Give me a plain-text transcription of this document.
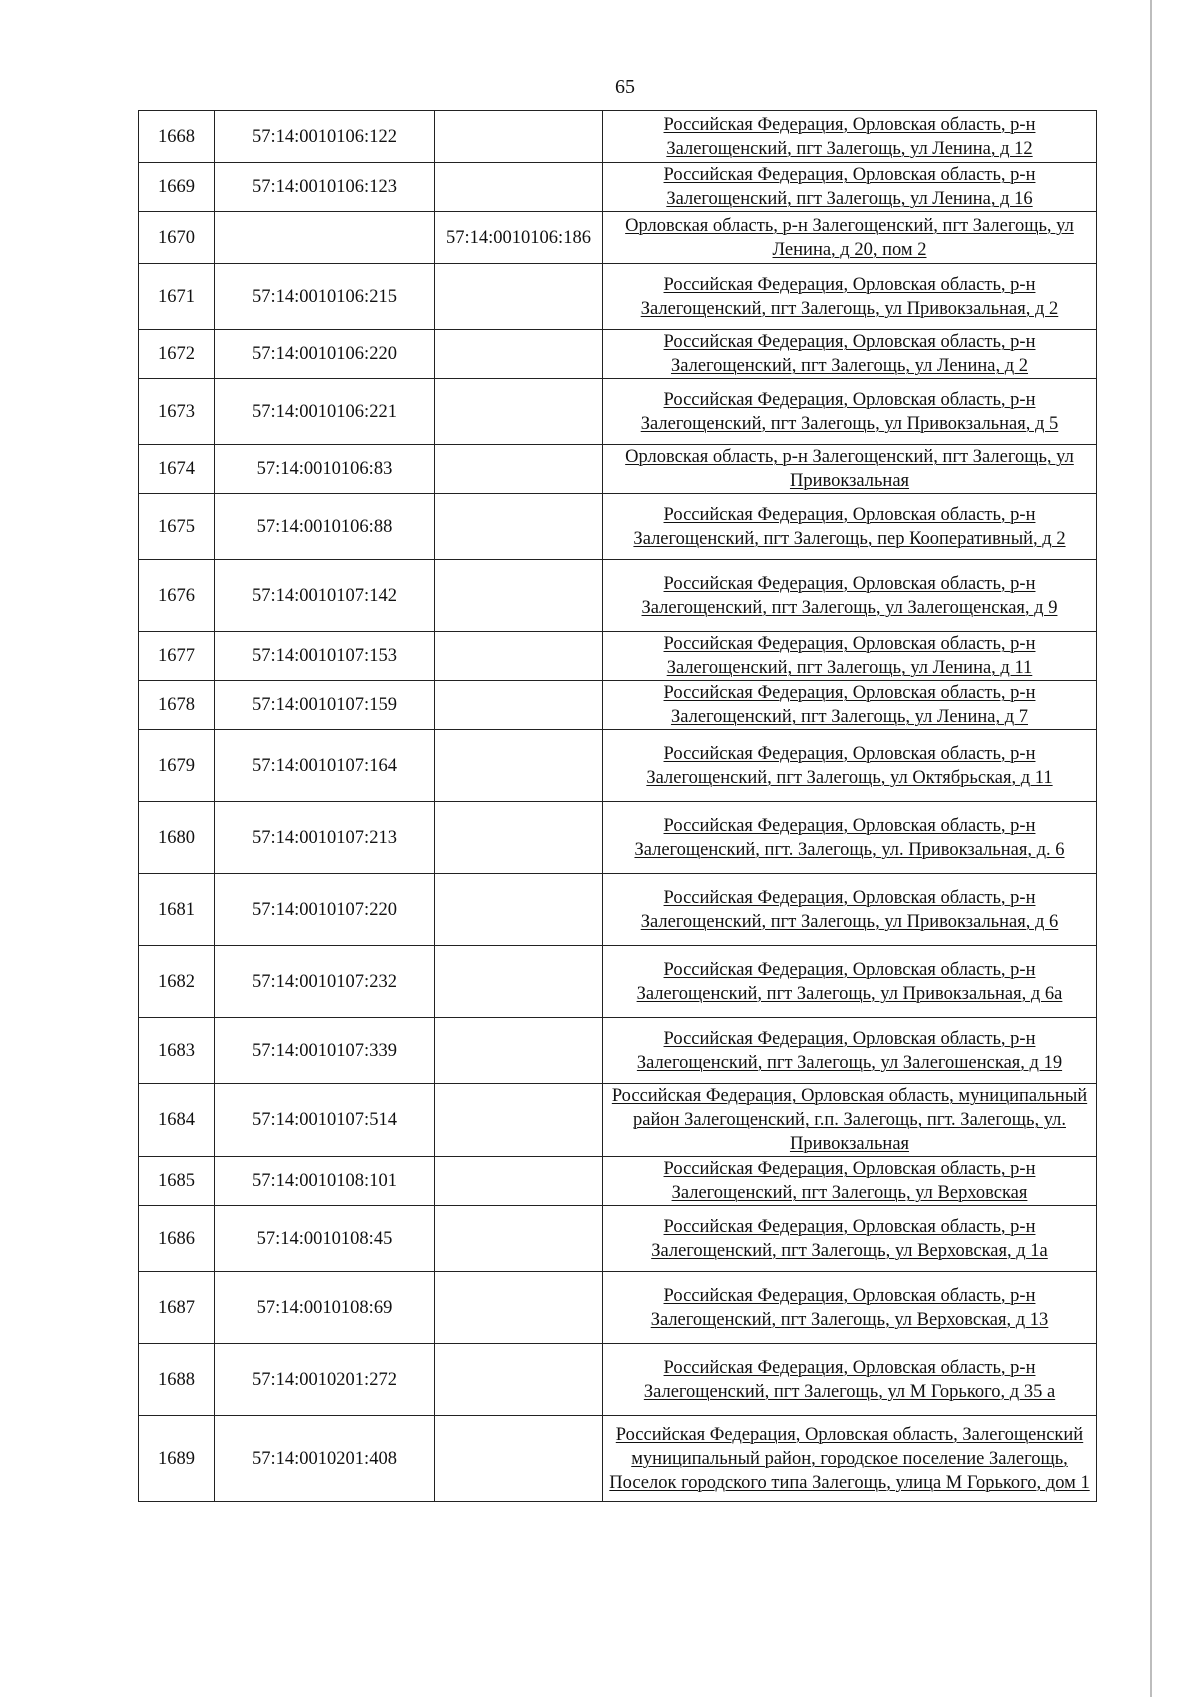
65
1668	57:14:0010106:122		Российская Федерация, Орловская область, р-н Залегощенский, пгт Залегощь, ул Ленина, д 12
1669	57:14:0010106:123		Российская Федерация, Орловская область, р-н Залегощенский, пгт Залегощь, ул Ленина, д 16
1670		57:14:0010106:186	Орловская область, р-н Залегощенский, пгт Залегощь, ул Ленина, д 20, пом 2
1671	57:14:0010106:215		Российская Федерация, Орловская область, р-н Залегощенский, пгт Залегощь, ул Привокзальная, д 2
1672	57:14:0010106:220		Российская Федерация, Орловская область, р-н Залегощенский, пгт Залегощь, ул Ленина, д 2
1673	57:14:0010106:221		Российская Федерация, Орловская область, р-н Залегощенский, пгт Залегощь, ул Привокзальная, д 5
1674	57:14:0010106:83		Орловская область, р-н Залегощенский, пгт Залегощь, ул Привокзальная
1675	57:14:0010106:88		Российская Федерация, Орловская область, р-н Залегощенский, пгт Залегощь, пер Кооперативный, д 2
1676	57:14:0010107:142		Российская Федерация, Орловская область, р-н Залегощенский, пгт Залегощь, ул Залегощенская, д 9
1677	57:14:0010107:153		Российская Федерация, Орловская область, р-н Залегощенский, пгт Залегощь, ул Ленина, д 11
1678	57:14:0010107:159		Российская Федерация, Орловская область, р-н Залегощенский, пгт Залегощь, ул Ленина, д 7
1679	57:14:0010107:164		Российская Федерация, Орловская область, р-н Залегощенский, пгт Залегощь, ул Октябрьская, д 11
1680	57:14:0010107:213		Российская Федерация, Орловская область, р-н Залегощенский, пгт. Залегощь, ул. Привокзальная, д. 6
1681	57:14:0010107:220		Российская Федерация, Орловская область, р-н Залегощенский, пгт Залегощь, ул Привокзальная, д 6
1682	57:14:0010107:232		Российская Федерация, Орловская область, р-н Залегощенский, пгт Залегощь, ул Привокзальная, д 6а
1683	57:14:0010107:339		Российская Федерация, Орловская область, р-н Залегощенский, пгт Залегощь, ул Залегошенская, д 19
1684	57:14:0010107:514		Российская Федерация, Орловская область, муниципальный район Залегощенский, г.п. Залегощь, пгт. Залегощь, ул. Привокзальная
1685	57:14:0010108:101		Российская Федерация, Орловская область, р-н Залегощенский, пгт Залегощь, ул Верховская
1686	57:14:0010108:45		Российская Федерация, Орловская область, р-н Залегощенский, пгт Залегощь, ул Верховская, д 1а
1687	57:14:0010108:69		Российская Федерация, Орловская область, р-н Залегощенский, пгт Залегощь, ул Верховская, д 13
1688	57:14:0010201:272		Российская Федерация, Орловская область, р-н Залегощенский, пгт Залегощь, ул М Горького, д 35 а
1689	57:14:0010201:408		Российская Федерация, Орловская область, Залегощенский муниципальный район, городское поселение Залегощь, Поселок городского типа Залегощь, улица М Горького, дом 1
